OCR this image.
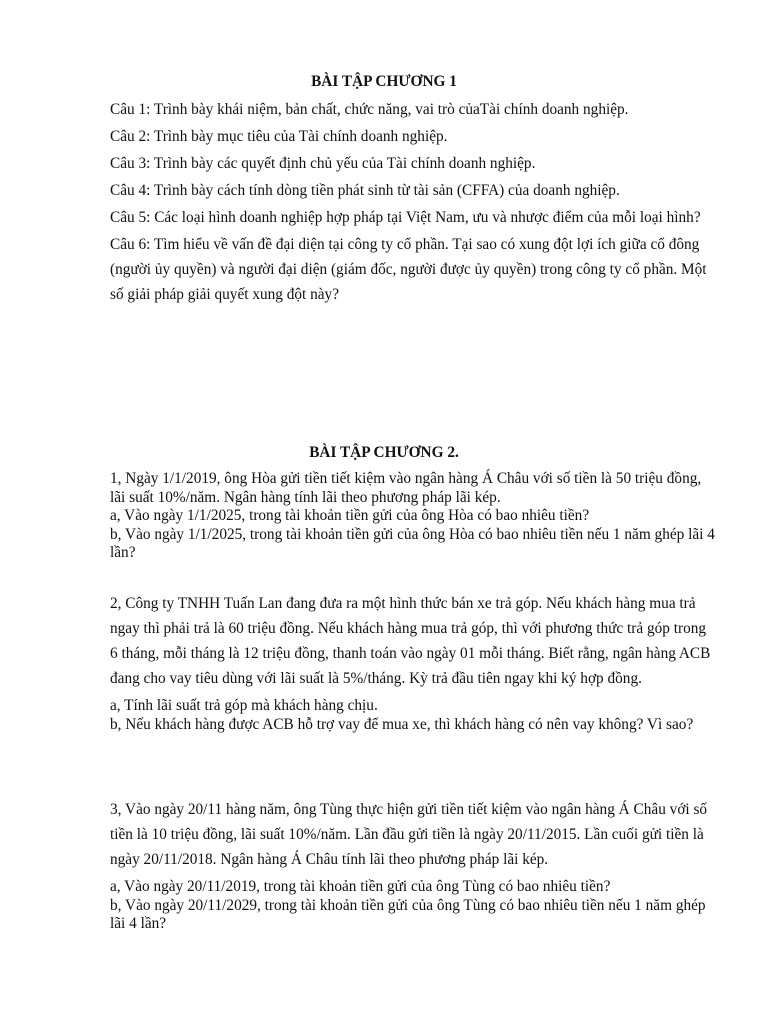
BÀI TẬP CHƯƠNG 1

Câu 1: Trình bày khái niệm, bản chất, chức năng, vai trò củaTài chính doanh nghiệp.

Câu 2: Trình bày mục tiêu của Tài chính doanh nghiệp.

Câu 3: Trình bày các quyết định chủ yếu của Tài chính doanh nghiệp.

Câu 4: Trình bày cách tính dòng tiền phát sinh từ tài sản (CFFA) của doanh nghiệp.

Câu 5: Các loại hình doanh nghiệp hợp pháp tại Việt Nam, ưu và nhược điểm của mỗi loại hình?

Câu 6: Tìm hiểu về vấn đề đại diện tại công ty cổ phần. Tại sao có xung đột lợi ích giữa cổ đông (người ủy quyền) và người đại diện (giám đốc, người được ủy quyền) trong công ty cổ phần. Một số giải pháp giải quyết xung đột này?

BÀI TẬP CHƯƠNG 2.

1, Ngày 1/1/2019, ông Hòa gửi tiền tiết kiệm vào ngân hàng Á Châu với số tiền là 50 triệu đồng, lãi suất 10%/năm. Ngân hàng tính lãi theo phương pháp lãi kép.

a, Vào ngày 1/1/2025, trong tài khoản tiền gửi của ông Hòa có bao nhiêu tiền?

b, Vào ngày 1/1/2025, trong tài khoản tiền gửi của ông Hòa có bao nhiêu tiền nếu 1 năm ghép lãi 4 lần?

2, Công ty TNHH Tuấn Lan đang đưa ra một hình thức bán xe trả góp. Nếu khách hàng mua trả ngay thì phải trả là 60 triệu đồng. Nếu khách hàng mua trả góp, thì với phương thức trả góp trong 6 tháng, mỗi tháng là 12 triệu đồng, thanh toán vào ngày 01 mỗi tháng. Biết rằng, ngân hàng ACB đang cho vay tiêu dùng với lãi suất là 5%/tháng. Kỳ trả đầu tiên ngay khi ký hợp đồng.

a, Tính lãi suất trả góp mà khách hàng chịu.

b, Nếu khách hàng được ACB hỗ trợ vay để mua xe, thì khách hàng có nên vay không? Vì sao?

3, Vào ngày 20/11 hàng năm, ông Tùng thực hiện gửi tiền tiết kiệm vào ngân hàng Á Châu với số tiền là 10 triệu đồng, lãi suất 10%/năm. Lần đầu gửi tiền là ngày 20/11/2015. Lần cuối gửi tiền là ngày 20/11/2018. Ngân hàng Á Châu tính lãi theo phương pháp lãi kép.

a, Vào ngày 20/11/2019, trong tài khoản tiền gửi của ông Tùng có bao nhiêu tiền?

b, Vào ngày 20/11/2029, trong tài khoản tiền gửi của ông Tùng có bao nhiêu tiền nếu 1 năm ghép lãi 4 lần?
